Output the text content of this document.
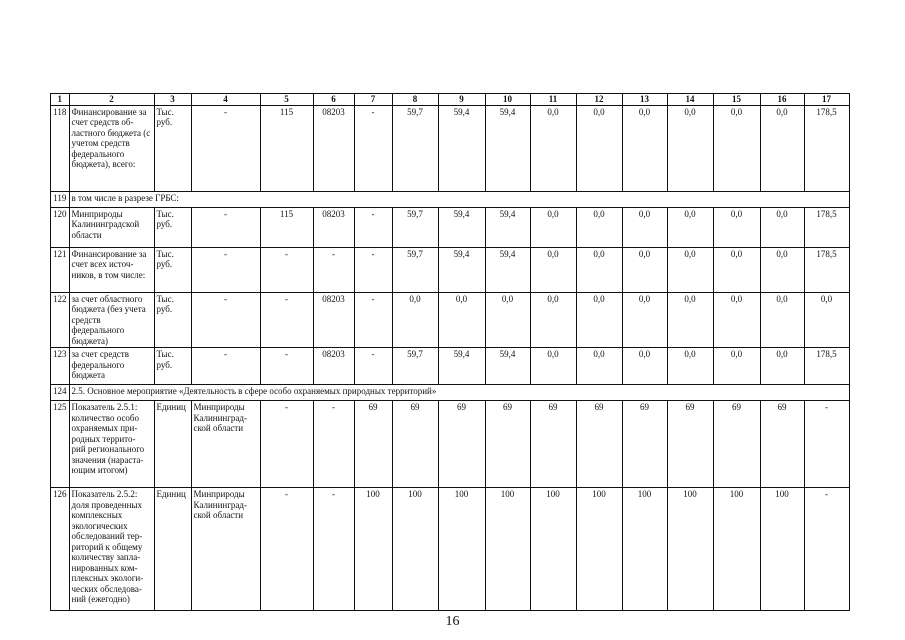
1	2	3	4	5	6	7	8	9	10	11	12	13	14	15	16	17
118	Финансирование за счет средств об- ластного бюджета (с учетом средств федерального бюджета), всего:	Тыс. руб.	-	115	08203	-	59,7	59,4	59,4	0,0	0,0	0,0	0,0	0,0	0,0	178,5
119	в том числе в разрезе ГРБС:															
120	Минприроды Калининградской области	Тыс. руб.	-	115	08203	-	59,7	59,4	59,4	0,0	0,0	0,0	0,0	0,0	0,0	178,5
121	Финансирование за счет всех источ- ников, в том числе:	Тыс. руб.	-	-	-	-	59,7	59,4	59,4	0,0	0,0	0,0	0,0	0,0	0,0	178,5
122	за счет областного бюджета (без учета средств федерального бюджета)	Тыс. руб.	-	-	08203	-	0,0	0,0	0,0	0,0	0,0	0,0	0,0	0,0	0,0	0,0
123	за счет средств федерального бюджета	Тыс. руб.	-	-	08203	-	59,7	59,4	59,4	0,0	0,0	0,0	0,0	0,0	0,0	178,5
124	2.5. Основное мероприятие «Деятельность в сфере особо охраняемых природных территорий»															
125	Показатель 2.5.1: количество особо охраняемых при- родных террито- рий регионального значения (нараста- ющим итогом)	Единиц	Минприроды Калининград- ской области	-	-	69	69	69	69	69	69	69	69	69	69	-
126	Показатель 2.5.2: доля проведенных комплексных экологических обследований тер- риторий к общему количеству запла- нированных ком- плексных экологи- ческих обследова- ний (ежегодно)	Единиц	Минприроды Калининград- ской области	-	-	100	100	100	100	100	100	100	100	100	100	-
16
